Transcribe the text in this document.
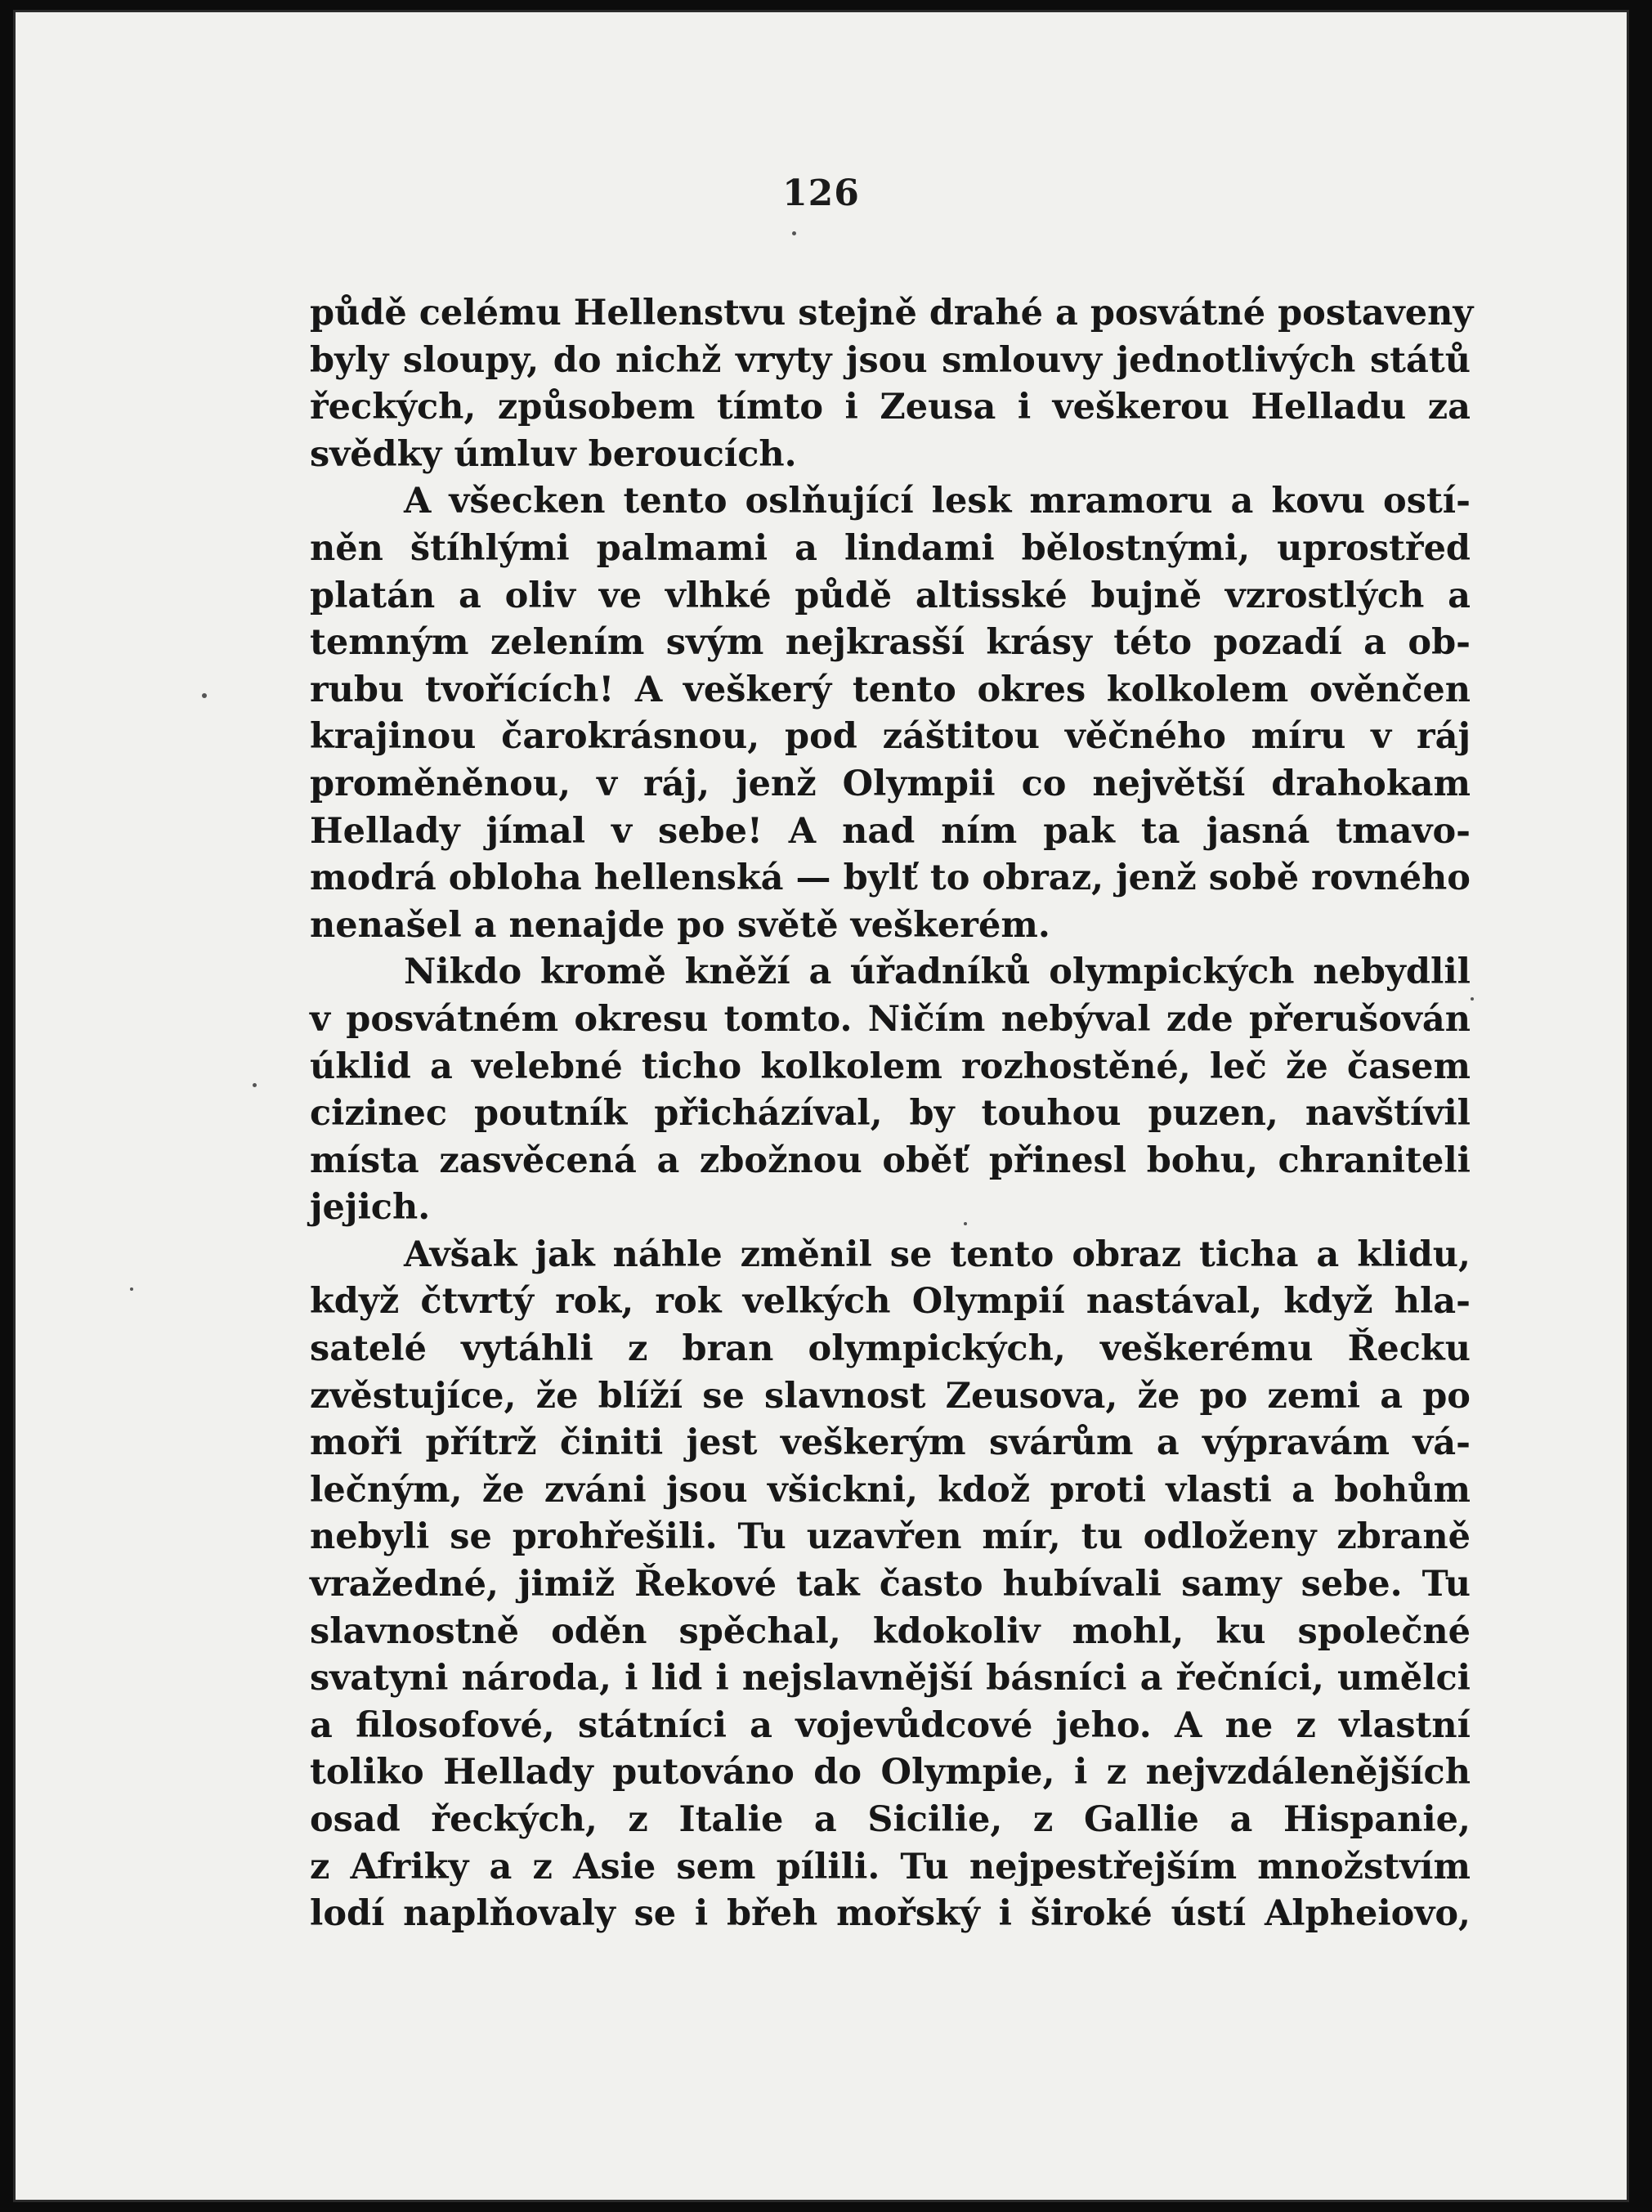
126
půdě celému Hellenstvu stejně drahé a posvátné postaveny
byly sloupy, do nichž vryty jsou smlouvy jednotlivých států
řeckých, způsobem tímto i Zeusa i veškerou Helladu za
svědky úmluv beroucích.
A všecken tento oslňující lesk mramoru a kovu ostí-
něn štíhlými palmami a lindami bělostnými, uprostřed
platán a oliv ve vlhké půdě altisské bujně vzrostlých a
temným zelením svým nejkrasší krásy této pozadí a ob-
rubu tvořících! A veškerý tento okres kolkolem ověnčen
krajinou čarokrásnou, pod záštitou věčného míru v ráj
proměněnou, v ráj, jenž Olympii co největší drahokam
Hellady jímal v sebe! A nad ním pak ta jasná tmavo-
modrá obloha hellenská — bylť to obraz, jenž sobě rovného
nenašel a nenajde po světě veškerém.
Nikdo kromě kněží a úřadníků olympických nebydlil
v posvátném okresu tomto. Ničím nebýval zde přerušován
úklid a velebné ticho kolkolem rozhostěné, leč že časem
cizinec poutník přicházíval, by touhou puzen, navštívil
místa zasvěcená a zbožnou oběť přinesl bohu, chraniteli
jejich.
Avšak jak náhle změnil se tento obraz ticha a klidu,
když čtvrtý rok, rok velkých Olympií nastával, když hla-
satelé vytáhli z bran olympických, veškerému Řecku
zvěstujíce, že blíží se slavnost Zeusova, že po zemi a po
moři přítrž činiti jest veškerým svárům a výpravám vá-
lečným, že zváni jsou všickni, kdož proti vlasti a bohům
nebyli se prohřešili. Tu uzavřen mír, tu odloženy zbraně
vražedné, jimiž Řekové tak často hubívali samy sebe. Tu
slavnostně oděn spěchal, kdokoliv mohl, ku společné
svatyni národa, i lid i nejslavnější básníci a řečníci, umělci
a filosofové, státníci a vojevůdcové jeho. A ne z vlastní
toliko Hellady putováno do Olympie, i z nejvzdálenějších
osad řeckých, z Italie a Sicilie, z Gallie a Hispanie,
z Afriky a z Asie sem pílili. Tu nejpestřejším množstvím
lodí naplňovaly se i břeh mořský i široké ústí Alpheiovo,
